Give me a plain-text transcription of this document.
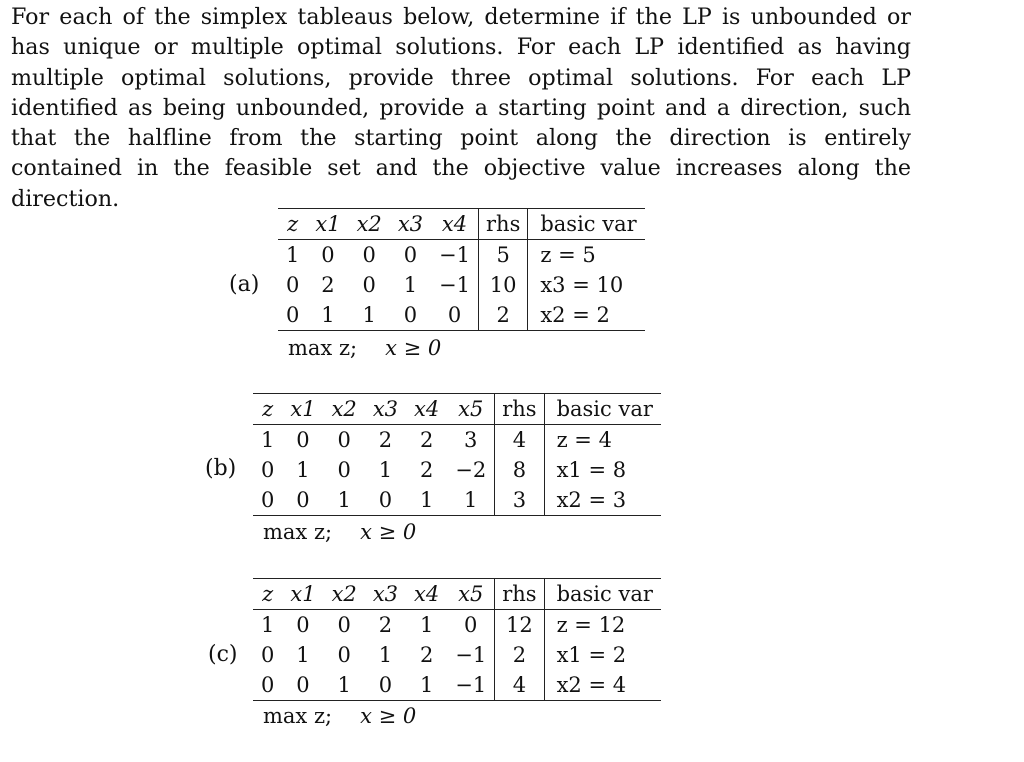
For each of the simplex tableaus below, determine if the LP is unbounded or has unique or multiple optimal solutions. For each LP identified as having multiple optimal solutions, provide three optimal solutions. For each LP identified as being unbounded, provide a starting point and a direction, such that the halfline from the starting point along the direction is entirely contained in the feasible set and the objective value increases along the direction.

(a)
z	x1	x2	x3	x4	rhs	basic var
1	0	0	0	−1	5	z = 5
0	2	0	1	−1	10	x3 = 10
0	1	1	0	0	2	x2 = 2
max z; x ≥ 0
(b)
z	x1	x2	x3	x4	x5	rhs	basic var
1	0	0	2	2	3	4	z = 4
0	1	0	1	2	−2	8	x1 = 8
0	0	1	0	1	1	3	x2 = 3
max z; x ≥ 0
(c)
z	x1	x2	x3	x4	x5	rhs	basic var
1	0	0	2	1	0	12	z = 12
0	1	0	1	2	−1	2	x1 = 2
0	0	1	0	1	−1	4	x2 = 4
max z; x ≥ 0
